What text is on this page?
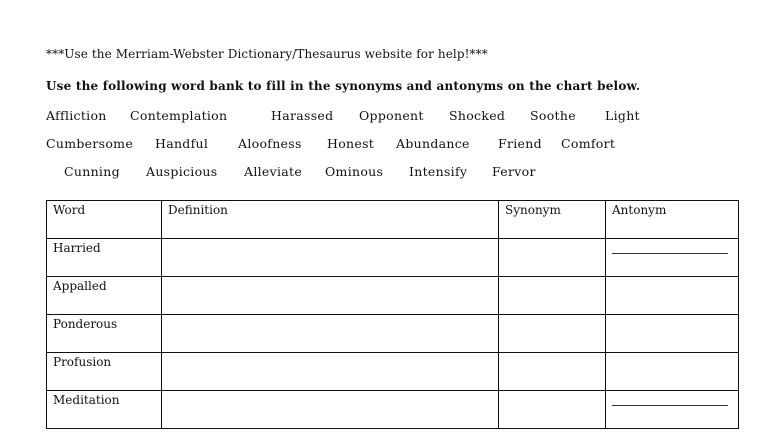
***Use the Merriam-Webster Dictionary/Thesaurus website for help!***
Use the following word bank to fill in the synonyms and antonyms on the chart below.
Affliction Contemplation	Harassed Opponent Shocked Soothe Light
Cumbersome Handful Aloofness Honest Abundance Friend Comfort
Cunning Auspicious Alleviate Ominous Intensify Fervor
Word	Definition	Synonym	Antonym
Harried			

Appalled			
Ponderous			
Profusion			
Meditation			
